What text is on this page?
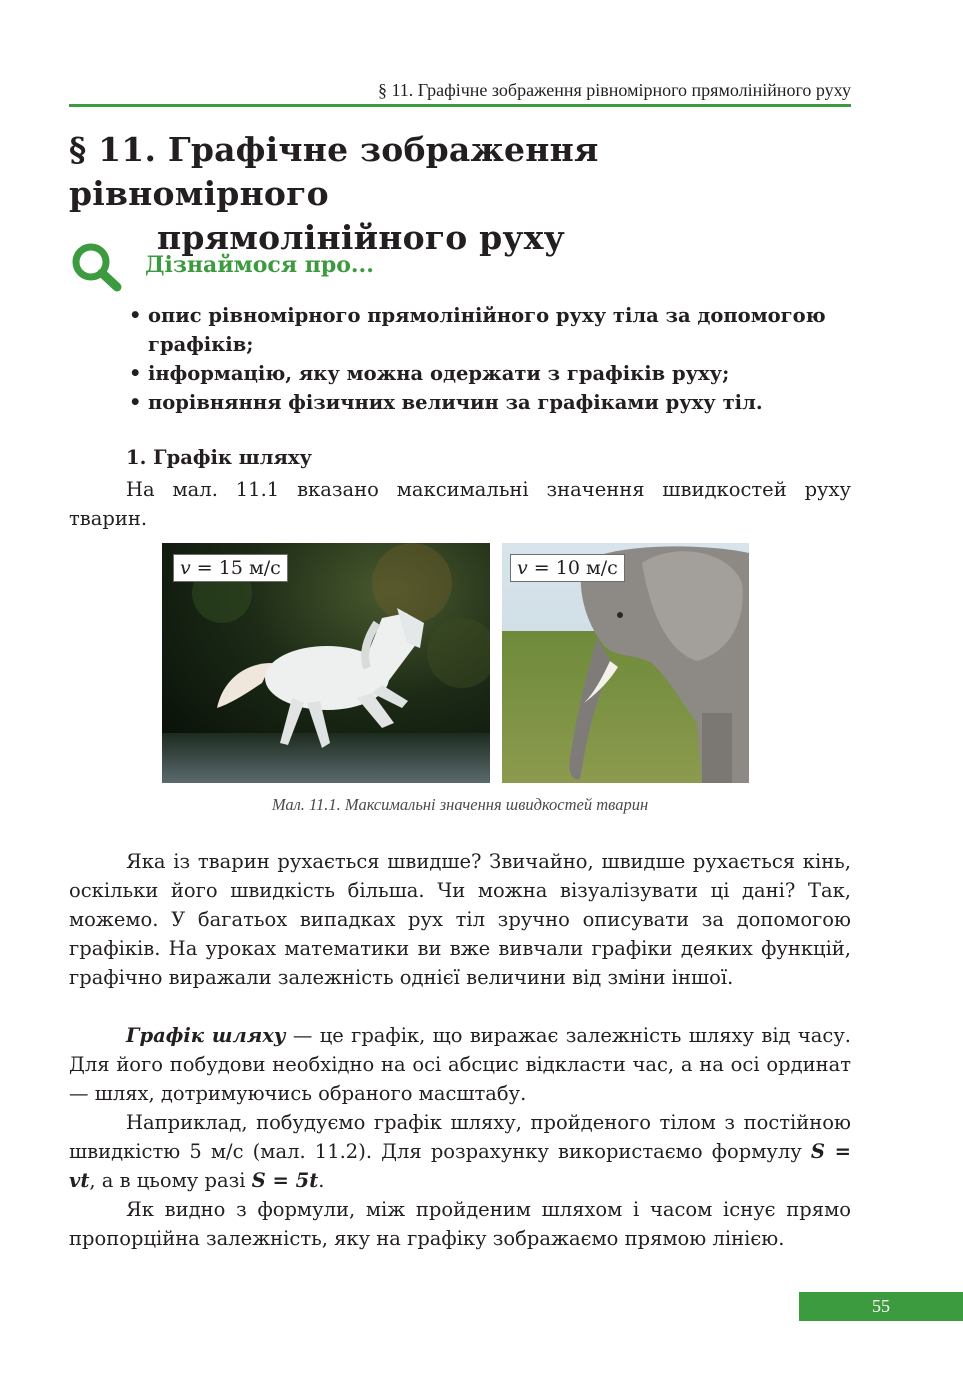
§ 11. Графічне зображення рівномірного прямолінійного руху
§ 11. Графічне зображення рівномірного
прямолінійного руху
Дізнаймося про...
• опис рівномірного прямолінійного руху тіла за допомогою графіків;
• інформацію, яку можна одержати з графіків руху;
• порівняння фізичних величин за графіками руху тіл.
1. Графік шляху

На мал. 11.1 вказано максимальні значення швидкостей руху тварин.

v = 15 м/с	v = 10 м/с
Мал. 11.1. Максимальні значення швидкостей тварин

Яка із тварин рухається швидше? Звичайно, швидше рухається кінь, оскільки його швидкість більша. Чи можна візуалізувати ці дані? Так, можемо. У багатьох випадках рух тіл зручно описувати за допомогою графіків. На уроках математики ви вже вивчали графіки деяких функцій, графічно виражали залежність однієї величини від зміни іншої.

Графік шляху — це графік, що виражає залежність шляху від часу. Для його побудови необхідно на осі абсцис відкласти час, а на осі ординат — шлях, дотримуючись обраного масштабу.

Наприклад, побудуємо графік шляху, пройденого тілом з постійною швидкістю 5 м/с (мал. 11.2). Для розрахунку використаємо формулу S = vt, а в цьому разі S = 5t.

Як видно з формули, між пройденим шляхом і часом існує прямо пропорційна залежність, яку на графіку зображаємо прямою лінією.

55
